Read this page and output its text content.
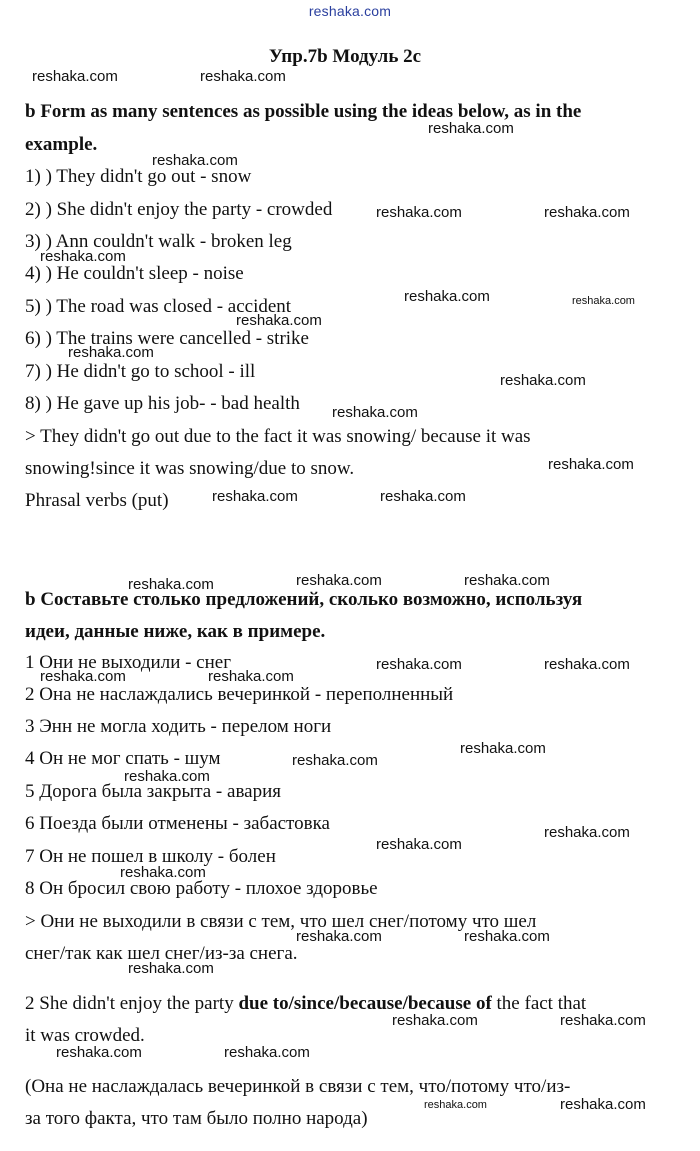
reshaka.com
Упр.7b Модуль 2с
b Form as many sentences as possible using the ideas below, as in the
example.
1) ) They didn't go out - snow
2) ) She didn't enjoy the party - crowded
3) ) Ann couldn't walk - broken leg
4) ) He couldn't sleep - noise
5) ) The road was closed - accident
6) ) The trains were cancelled - strike
7) ) He didn't go to school - ill
8) ) He gave up his job- - bad health
> They didn't go out due to the fact it was snowing/ because it was
snowing!since it was snowing/due to snow.
Phrasal verbs (put)
b Составьте столько предложений, сколько возможно, используя
идеи, данные ниже, как в примере.
1 Они не выходили - снег
2 Она не наслаждались вечеринкой - переполненный
3 Энн не могла ходить - перелом ноги
4 Он не мог спать - шум
5 Дорога была закрыта - авария
6 Поезда были отменены - забастовка
7 Он не пошел в школу - болен
8 Он бросил свою работу - плохое здоровье
> Они не выходили в связи с тем, что шел снег/потому что шел
снег/так как шел снег/из-за снега.
2 She didn't enjoy the party due to/since/because/because of the fact that
it was crowded.
(Она не наслаждалась вечеринкой в связи с тем, что/потому что/из-
за того факта, что там было полно народа)
reshaka.com	reshaka.com
reshaka.com
reshaka.com
reshaka.com	reshaka.com
reshaka.com
reshaka.com	reshaka.com
reshaka.com
reshaka.com
reshaka.com
reshaka.com
reshaka.com
reshaka.com	reshaka.com
reshaka.com	reshaka.com	reshaka.com
reshaka.com	reshaka.com
reshaka.com	reshaka.com
reshaka.com
reshaka.com
reshaka.com
reshaka.com
reshaka.com
reshaka.com
reshaka.com	reshaka.com
reshaka.com
reshaka.com	reshaka.com
reshaka.com	reshaka.com
reshaka.com	reshaka.com
